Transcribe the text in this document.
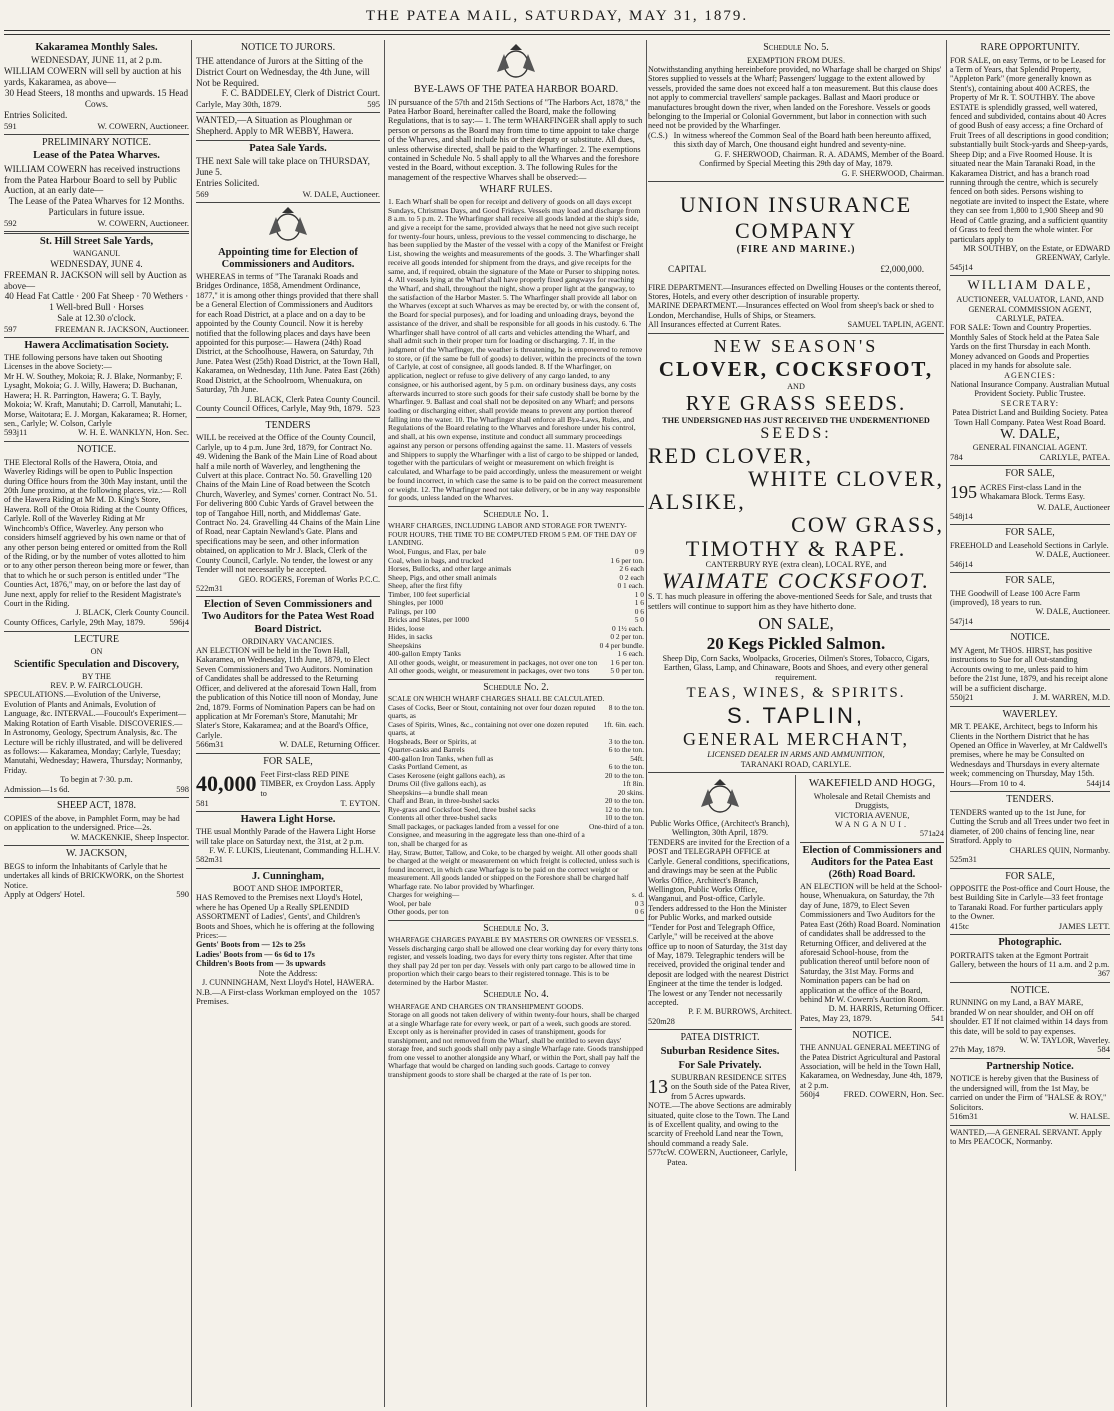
THE PATEA MAIL, SATURDAY, MAY 31, 1879.
Kakaramea Monthly Sales.
WEDNESDAY, JUNE 11, at 2 p.m.
WILLIAM COWERN will sell by auction at his yards, Kakaramea, as above—
30 Head Steers, 18 months and upwards. 15 Head Cows.
Entries Solicited.
591	W. COWERN, Auctioneer.
PRELIMINARY NOTICE.
Lease of the Patea Wharves.
WILLIAM COWERN has received instructions from the Patea Harbour Board to sell by Public Auction, at an early date—
The Lease of the Patea Wharves for 12 Months. Particulars in future issue.
592	W. COWERN, Auctioneer.
St. Hill Street Sale Yards,
WANGANUI.
WEDNESDAY, JUNE 4.
FREEMAN R. JACKSON will sell by Auction as above—
40 Head Fat Cattle · 200 Fat Sheep · 70 Wethers · 1 Well-bred Bull · Horses
Sale at 12.30 o'clock.
597	FREEMAN R. JACKSON, Auctioneer.
Hawera Acclimatisation Society.
THE following persons have taken out Shooting Licenses in the above Society:—
Mr H. W. Southey, Mokoia; R. J. Blake, Normanby; F. Lysaght, Mokoia; G. J. Willy, Hawera; D. Buchanan, Hawera; H. R. Parrington, Hawera; G. T. Bayly, Mokoia; W. Kraft, Manutahi; D. Carroll, Manutahi; L. Morse, Waitotara; E. J. Morgan, Kakaramea; R. Horner, sen., Carlyle; W. Colson, Carlyle
593j11	W. H. E. WANKLYN, Hon. Sec.
NOTICE.
THE Electoral Rolls of the Hawera, Otoia, and Waverley Ridings will be open to Public Inspection during Office hours from the 30th May instant, until the 20th June proximo, at the following places, viz.:— Roll of the Hawera Riding at Mr M. D. King's Store, Hawera. Roll of the Otoia Riding at the County Offices, Carlyle. Roll of the Waverley Riding at Mr Winchcomb's Office, Waverley. Any person who considers himself aggrieved by his own name or that of any other person being entered or omitted from the Roll of the Riding, or by the number of votes allotted to him or to any other person thereon being more or fewer, than that to which he or such person is entitled under "The Counties Act, 1876," may, on or before the last day of June next, apply for relief to the Resident Magistrate's Court in the Riding.
J. BLACK, Clerk County Council.
County Offices, Carlyle, 29th May, 1879.	596j4
LECTURE
ON
Scientific Speculation and Discovery,
BY THE
REV. P. W. FAIRCLOUGH.
SPECULATIONS.—Evolution of the Universe, Evolution of Plants and Animals, Evolution of Language, &c. INTERVAL.—Foucoult's Experiment—Making Rotation of Earth Visable. DISCOVERIES.—In Astronomy, Geology, Spectrum Analysis, &c. The Lecture will be richly illustrated, and will be delivered as follows:— Kakaramea, Monday; Carlyle, Tuesday; Manutahi, Wednesday; Hawera, Thursday; Normanby, Friday.
To begin at 7·30. p.m.
Admission—1s 6d.	598
SHEEP ACT, 1878.
COPIES of the above, in Pamphlet Form, may be had on application to the undersigned. Price—2s.
W. MACKENKIE, Sheep Inspector.
W. JACKSON,
BEGS to inform the Inhabitants of Carlyle that he undertakes all kinds of BRICKWORK, on the Shortest Notice.
Apply at Odgers' Hotel.	590
NOTICE TO JURORS.
THE attendance of Jurors at the Sitting of the District Court on Wednesday, the 4th June, will Not be Required.
F. C. BADDELEY, Clerk of District Court.
Carlyle, May 30th, 1879.	595
WANTED,—A Situation as Ploughman or Shepherd. Apply to MR WEBBY, Hawera.
Patea Sale Yards.
THE next Sale will take place on THURSDAY, June 5.
Entries Solicited.
569	W. DALE, Auctioneer.
Appointing time for Election of Commissioners and Auditors.
WHEREAS in terms of "The Taranaki Roads and Bridges Ordinance, 1858, Amendment Ordinance, 1877," it is among other things provided that there shall be a General Election of Commissioners and Auditors for each Road District, at a place and on a day to be appointed by the County Council. Now it is hereby notified that the following places and days have been appointed for this purpose:— Hawera (24th) Road District, at the Schoolhouse, Hawera, on Saturday, 7th June. Patea West (25th) Road District, at the Town Hall, Kakaramea, on Wednesday, 11th June. Patea East (26th) Road District, at the Schoolroom, Whenuakura, on Saturday, 7th June.
J. BLACK, Clerk Patea County Council.
County Council Offices, Carlyle, May 9th, 1879. 523
TENDERS
WILL be received at the Office of the County Council, Carlyle, up to 4 p.m. June 3rd, 1879, for Contract No. 49. Widening the Bank of the Main Line of Road about half a mile north of Waverley, and lengthening the Culvert at this place. Contract No. 50. Gravelling 120 Chains of the Main Line of Road between the Scotch Church, Waverley, and Symes' corner. Contract No. 51. For delivering 800 Cubic Yards of Gravel between the top of Tangahoe Hill, north, and Middlemas' Gate. Contract No. 24. Gravelling 44 Chains of the Main Line of Road, near Captain Newland's Gate. Plans and specifications may be seen, and other information obtained, on application to Mr J. Black, Clerk of the County Council, Carlyle. No tender, the lowest or any Tender will not necessarily be accepted.
GEO. ROGERS, Foreman of Works P.C.C.
522m31
Election of Seven Commissioners and Two Auditors for the Patea West Road Board District.
ORDINARY VACANCIES.
AN ELECTION will be held in the Town Hall, Kakaramea, on Wednesday, 11th June, 1879, to Elect Seven Commissioners and Two Auditors. Nomination of Candidates shall be addressed to the Returning Officer, and delivered at the aforesaid Town Hall, from the publication of this Notice till noon of Monday, June 2nd, 1879. Forms of Nomination Papers can be had on application at Mr Foreman's Store, Manutahi; Mr Slater's Store, Kakaramea; and at the Board's Office, Carlyle.
566m31	W. DALE, Returning Officer.
FOR SALE,
40,000 Feet First-class RED PINE TIMBER, ex Croydon Lass. Apply to
581	T. EYTON.
Hawera Light Horse.
THE usual Monthly Parade of the Hawera Light Horse will take place on Saturday next, the 31st, at 2 p.m.
F. W. F. LUKIS, Lieutenant, Commanding H.L.H.V.
582m31
J. Cunningham,
BOOT AND SHOE IMPORTER,
HAS Removed to the Premises next Lloyd's Hotel, where he has Opened Up a Really SPLENDID ASSORTMENT of Ladies', Gents', and Children's Boots and Shoes, which he is offering at the following Prices:—
Gents' Boots from — 12s to 25s
Ladies' Boots from — 6s 6d to 17s
Children's Boots from — 3s upwards
Note the Address:
J. CUNNINGHAM, Next Lloyd's Hotel, HAWERA.
N.B.—A First-class Workman employed on the Premises.
1057
BYE-LAWS OF THE PATEA HARBOR BOARD.
IN pursuance of the 57th and 215th Sections of "The Harbors Act, 1878," the Patea Harbor Board, hereinafter called the Board, make the following Regulations, that is to say:— 1. The term WHARFINGER shall apply to such person or persons as the Board may from time to time appoint to take charge of the Wharves, and shall include his or their deputy or substitute. All dues, unless otherwise directed, shall be paid to the Wharfinger. 2. The exemptions contained in Schedule No. 5 shall apply to all the Wharves and the foreshore vested in the Board, without exception. 3. The following Rules for the management of the respective Wharves shall be observed:—
WHARF RULES.
1. Each Wharf shall be open for receipt and delivery of goods on all days except Sundays, Christmas Days, and Good Fridays. Vessels may load and discharge from 8 a.m. to 5 p.m. 2. The Wharfinger shall receive all goods landed at the ship's side, and give a receipt for the same, provided always that he need not give such receipt for twenty-four hours, unless, previous to the vessel commencing to discharge, he has been supplied by the Master of the vessel with a copy of the Manifest or Freight List, showing the weights and measurements of the goods. 3. The Wharfinger shall receive all goods intended for shipment from the drays, and give receipts for the same, and, if required, obtain the signature of the Mate or Purser to shipping notes. 4. All vessels lying at the Wharf shall have properly fixed gangways for reaching the Wharf, and shall, throughout the night, show a proper light at the gangway, to the satisfaction of the Harbor Master. 5. The Wharfinger shall provide all labor on the Wharves (except at such Wharves as may be erected by, or with the consent of, the Board for special purposes), and for loading and unloading drays, beyond the assistance of the driver, and shall be responsible for all goods in his custody. 6. The Wharfinger shall have control of all carts and vehicles attending the Wharf, and shall admit such in their proper turn for loading or discharging. 7. If, in the judgment of the Wharfinger, the weather is threatening, he is empowered to remove to store, or (if the same be full of goods) to deliver, within the precincts of the town of Carlyle, at cost of consignee, all goods landed. 8. If the Wharfinger, on application, neglect or refuse to give delivery of any cargo landed, to any consignee, or his authorised agent, by 5 p.m. on ordinary business days, any costs afterwards incurred to store such goods for their safe custody shall be borne by the Wharfinger. 9. Ballast and coal shall not be deposited on any Wharf; and persons loading or discharging either, shall provide means to prevent any portion thereof falling into the water. 10. The Wharfinger shall enforce all Bye-Laws, Rules, and Regulations of the Board relating to the Wharves and foreshore under his control, and shall, at his own expense, institute and conduct all summary proceedings against any person or persons offending against the same. 11. Masters of vessels and Shippers to supply the Wharfinger with a list of cargo to be shipped or landed, together with the particulars of weight or measurement on which freight is calculated, and Wharfage to be paid accordingly, unless the measurement or weight be found incorrect, in which case the same is to be paid on the correct measurement or weight. 12. The Wharfinger need not take delivery, or be in any way responsible for goods, unless landed on the Wharves.
Schedule No. 1.
WHARF CHARGES, INCLUDING LABOR AND STORAGE FOR TWENTY-FOUR HOURS, THE TIME TO BE COMPUTED FROM 5 P.M. OF THE DAY OF LANDING.
Wool, Fungus, and Flax, per bale	0 9
Coal, when in bags, and trucked	1 6 per ton.
Horses, Bullocks, and other large animals	2 6 each
Sheep, Pigs, and other small animals	0 2 each
Sheep, after the first fifty	0 1 each.
Timber, 100 feet superficial	1 0
Shingles, per 1000	1 6
Palings, per 100	0 6
Bricks and Slates, per 1000	5 0
Hides, loose	0 1½ each.
Hides, in sacks	0 2 per ton.
Sheepskins	0 4 per bundle.
400-gallon Empty Tanks	1 6 each.
All other goods, weight, or measurement in packages, not over one ton 1 6 per ton.
All other goods, weight, or measurement in packages, over two tons	5 0 per ton.
Schedule No. 2.
SCALE ON WHICH WHARF CHARGES SHALL BE CALCULATED.
Cases of Cocks, Beer or Stout, containing not over four dozen reputed quarts, as
8 to the ton.
Cases of Spirits, Wines, &c., containing not over one dozen reputed quarts, at
1ft. 6in. each.
Hogsheads, Beer or Spirits, at	3 to the ton.
Quarter-casks and Barrels	6 to the ton.
400-gallon Iron Tanks, when full as	54ft.
Casks Portland Cement, as	6 to the ton.
Cases Kerosene (eight gallons each), as	20 to the ton.
Drums Oil (five gallons each), as	1ft 8in.
Sheepskins—a bundle shall mean	20 skins.
Chaff and Bran, in three-bushel sacks	20 to the ton.
Rye-grass and Cocksfoot Seed, three bushel sacks	12 to the ton.
Contents all other three-bushel sacks	10 to the ton.
Small packages, or packages landed from a vessel for one Consignee, and measuring in the aggregate less than one-third of a ton, shall be charged for as
One-third of a ton.
Hay, Straw, Butter, Tallow, and Coke, to be charged by weight. All other goods shall be charged at the weight or measurement on which freight is collected, unless such is found incorrect, in which case Wharfage is to be paid on the correct weight or measurement. All goods landed or shipped on the Foreshore shall be charged half Wharfage rate. No labor provided by Wharfinger.
Charges for weighing—	s. d.
Wool, per bale	0 3
Other goods, per ton	0 6
Schedule No. 3.
WHARFAGE CHARGES PAYABLE BY MASTERS OR OWNERS OF VESSELS.
Vessels discharging cargo shall be allowed one clear working day for every thirty tons register, and vessels loading, two days for every thirty tons register. After that time they shall pay 2d per ton per day. Vessels with only part cargo to be allowed time in proportion which their cargo bears to their registered tonnage. This is to be determined by the Harbor Master.
Schedule No. 4.
WHARFAGE AND CHARGES ON TRANSHIPMENT GOODS.
Storage on all goods not taken delivery of within twenty-four hours, shall be charged at a single Wharfage rate for every week, or part of a week, such goods are stored. Except only as is hereinafter provided in cases of transhipment, goods for transhipment, and not removed from the Wharf, shall be entitled to seven days' storage free, and such goods shall only pay a single Wharfage rate. Goods transhipped from one vessel to another alongside any Wharf, or within the Port, shall pay half the Wharfage that would be charged on landing such goods. Cartage to convey transhipment goods to store shall be charged at the rate of 1s per ton.
Schedule No. 5.
EXEMPTION FROM DUES.
Notwithstanding anything hereinbefore provided, no Wharfage shall be charged on Ships' Stores supplied to vessels at the Wharf; Passengers' luggage to the extent allowed by vessels, provided the same does not exceed half a ton measurement. But this clause does not apply to commercial travellers' sample packages. Ballast and Maori produce or manufactures brought down the river, when landed on the Foreshore. Vessels or goods belonging to the Imperial or Colonial Government, but labor in connection with such need not be provided by the Wharfinger.
(C.S.) In witness whereof the Common Seal of the Board hath been hereunto affixed, this sixth day of March, One thousand eight hundred and seventy-nine.
G. F. SHERWOOD, Chairman. R. A. ADAMS, Member of the Board.
Confirmed by Special Meeting this 29th day of May, 1879.
G. F. SHERWOOD, Chairman.
UNION INSURANCE COMPANY
(FIRE AND MARINE.)
CAPITAL	£2,000,000.
FIRE DEPARTMENT.—Insurances effected on Dwelling Houses or the contents thereof, Stores, Hotels, and every other description of insurable property.
MARINE DEPARTMENT.—Insurances effected on Wool from sheep's back or shed to London, Merchandise, Hulls of Ships, or Steamers.
All Insurances effected at Current Rates.	SAMUEL TAPLIN, AGENT.
NEW SEASON'S
CLOVER, COCKSFOOT,
AND
RYE GRASS SEEDS.
THE UNDERSIGNED HAS JUST RECEIVED THE UNDERMENTIONED
SEEDS:
RED CLOVER,
WHITE CLOVER,
ALSIKE,
COW GRASS,
TIMOTHY & RAPE.
CANTERBURY RYE (extra clean), LOCAL RYE, and
WAIMATE COCKSFOOT.
S. T. has much pleasure in offering the above-mentioned Seeds for Sale, and trusts that settlers will continue to support him as they have hitherto done.
ON SALE,
20 Kegs Pickled Salmon.
Sheep Dip, Corn Sacks, Woolpacks, Groceries, Oilmen's Stores, Tobacco, Cigars, Earthen, Glass, Lamp, and Chinaware, Boots and Shoes, and every other general requirement.
TEAS, WINES, & SPIRITS.
S. TAPLIN,
GENERAL MERCHANT,
LICENSED DEALER IN ARMS AND AMMUNITION,
TARANAKI ROAD, CARLYLE.
Public Works Office, (Architect's Branch), Wellington, 30th April, 1879.
TENDERS are invited for the Erection of a POST and TELEGRAPH OFFICE at Carlyle. General conditions, specifications, and drawings may be seen at the Public Works Office, Architect's Branch, Wellington, Public Works Office, Wanganui, and Post-office, Carlyle. Tenders addressed to the Hon the Minister for Public Works, and marked outside "Tender for Post and Telegraph Office, Carlyle," will be received at the above office up to noon of Saturday, the 31st day of May, 1879. Telegraphic tenders will be received, provided the original tender and deposit are lodged with the nearest District Engineer at the time the tender is lodged. The lowest or any Tender not necessarily accepted.
P. F. M. BURROWS, Architect.
520m28
PATEA DISTRICT.
Suburban Residence Sites.
For Sale Privately.
13 SUBURBAN RESIDENCE SITES on the South side of the Patea River, from 5 Acres upwards.
NOTE.—The above Sections are admirably situated, quite close to the Town. The Land is of Excellent quality, and owing to the scarcity of Freehold Land near the Town, should command a ready Sale.
577tc W. COWERN, Auctioneer, Carlyle, Patea.
WAKEFIELD AND HOGG,
Wholesale and Retail Chemists and Druggists,
VICTORIA AVENUE,
WANGANUI.
571a24
Election of Commissioners and Auditors for the Patea East (26th) Road Board.
AN ELECTION will be held at the School-house, Whenuakura, on Saturday, the 7th day of June, 1879, to Elect Seven Commissioners and Two Auditors for the Patea East (26th) Road Board. Nomination of candidates shall be addressed to the Returning Officer, and delivered at the aforesaid School-house, from the publication thereof until before noon of Saturday, the 31st May. Forms and Nomination papers can be had on application at the office of the Board, behind Mr W. Cowern's Auction Room.
D. M. HARRIS, Returning Officer.
Pates, May 23, 1879.	541
NOTICE.
THE ANNUAL GENERAL MEETING of the Patea District Agricultural and Pastoral Association, will be held in the Town Hall, Kakaramea, on Wednesday, June 4th, 1879, at 2 p.m.
560j4	FRED. COWERN, Hon. Sec.
RARE OPPORTUNITY.
FOR SALE, on easy Terms, or to be Leased for a Term of Years, that Splendid Property, "Appleton Park" (more generally known as Stent's), containing about 400 ACRES, the Property of Mr R. T. SOUTHBY. The above ESTATE is splendidly grassed, well watered, fenced and subdivided, contains about 40 Acres of good Bush of easy access; a fine Orchard of Fruit Trees of all descriptions in good condition; substantially built Stock-yards and Sheep-yards, Sheep Dip; and a Five Roomed House. It is situated near the Main Taranaki Road, in the Kakaramea District, and has a branch road running through the centre, which is securely fenced on both sides. Persons wishing to negotiate are invited to inspect the Estate, where they can see from 1,800 to 1,900 Sheep and 90 Head of Cattle grazing, and a sufficient quantity of Grass to feed them the whole winter. For particulars apply to
MR SOUTHBY, on the Estate, or EDWARD GREENWAY, Carlyle.
545j14
WILLIAM DALE,
AUCTIONEER, VALUATOR, LAND, AND GENERAL COMMISSION AGENT,
CARLYLE, PATEA.
FOR SALE: Town and Country Properties. Monthly Sales of Stock held at the Patea Sale Yards on the first Thursday in each Month. Money advanced on Goods and Properties placed in my hands for absolute sale.
AGENCIES:
National Insurance Company. Australian Mutual Provident Society. Public Trustee.
SECRETARY:
Patea District Land and Building Society. Patea Town Hall Company. Patea West Road Board.
W. DALE,
GENERAL FINANCIAL AGENT.
784	CARLYLE, PATEA.
FOR SALE,
195 ACRES First-class Land in the Whakamara Block. Terms Easy.
W. DALE, Auctioneer
548j14
FOR SALE,
FREEHOLD and Leasehold Sections in Carlyle.
W. DALE, Auctioneer.
546j14
FOR SALE,
THE Goodwill of Lease 100 Acre Farm (improved), 18 years to run.
W. DALE, Auctioneer.
547j14
NOTICE.
MY Agent, Mr THOS. HIRST, has positive instructions to Sue for all Out-standing Accounts owing to me, unless paid to him before the 21st June, 1879, and his receipt alone will be a sufficient discharge.
550j21	J. M. WARREN, M.D.
WAVERLEY.
MR T. PEAKE, Architect, begs to Inform his Clients in the Northern District that he has Opened an Office in Waverley, at Mr Caldwell's premises, where he may be Consulted on Wednesdays and Thursdays in every alternate week; commencing on Thursday, May 15th.
Hours—From 10 to 4.	544j14
TENDERS.
TENDERS wanted up to the 1st June, for Cutting the Scrub and all Trees under two feet in diameter, of 200 chains of fencing line, near Stratford. Apply to
CHARLES QUIN, Normanby.
525m31
FOR SALE,
OPPOSITE the Post-office and Court House, the best Building Site in Carlyle—33 feet frontage to Taranaki Road. For further particulars apply to the Owner.
415tc	JAMES LETT.
Photographic.
PORTRAITS taken at the Egmont Portrait Gallery, between the hours of 11 a.m. and 2 p.m.
367
NOTICE.
RUNNING on my Land, a BAY MARE, branded W on near shoulder, and OH on off shoulder. ET If not claimed within 14 days from this date, will be sold to pay expenses.
W. W. TAYLOR, Waverley.
27th May, 1879.	584
Partnership Notice.
NOTICE is hereby given that the Business of the undersigned will, from the 1st May, be carried on under the Firm of "HALSE & ROY," Solicitors.
516m31	W. HALSE.
WANTED,—A GENERAL SERVANT. Apply to Mrs PEACOCK, Normanby.
